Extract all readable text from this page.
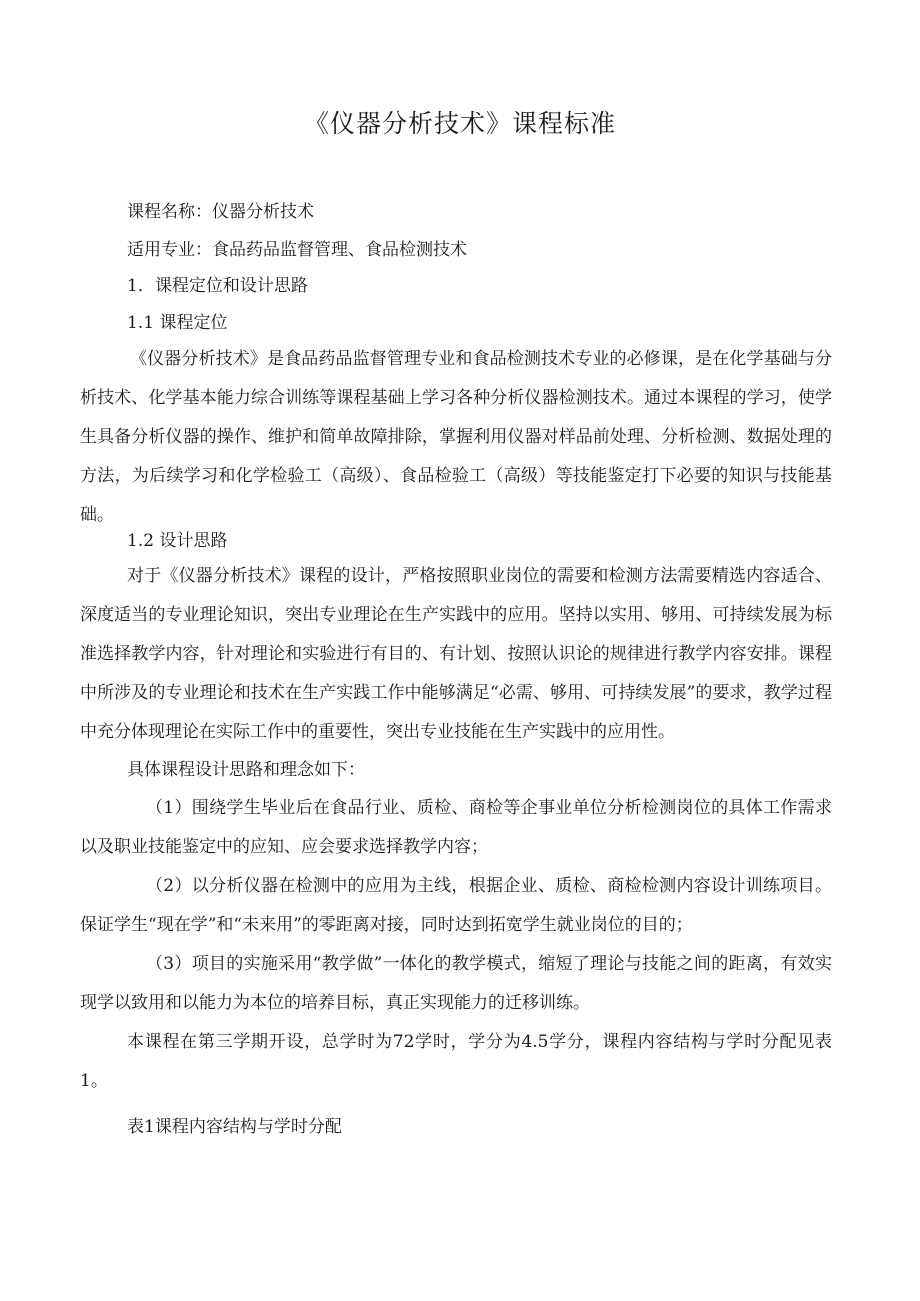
《仪器分析技术》课程标准

课程名称：仪器分析技术

适用专业：食品药品监督管理、食品检测技术

1．课程定位和设计思路

1.1 课程定位

《仪器分析技术》是食品药品监督管理专业和食品检测技术专业的必修课，是在化学基础与分析技术、化学基本能力综合训练等课程基础上学习各种分析仪器检测技术。通过本课程的学习，使学生具备分析仪器的操作、维护和简单故障排除，掌握利用仪器对样品前处理、分析检测、数据处理的方法，为后续学习和化学检验工（高级）、食品检验工（高级）等技能鉴定打下必要的知识与技能基础。

1.2 设计思路

对于《仪器分析技术》课程的设计，严格按照职业岗位的需要和检测方法需要精选内容适合、深度适当的专业理论知识，突出专业理论在生产实践中的应用。坚持以实用、够用、可持续发展为标准选择教学内容，针对理论和实验进行有目的、有计划、按照认识论的规律进行教学内容安排。课程中所涉及的专业理论和技术在生产实践工作中能够满足“必需、够用、可持续发展”的要求，教学过程中充分体现理论在实际工作中的重要性，突出专业技能在生产实践中的应用性。

具体课程设计思路和理念如下：

（1）围绕学生毕业后在食品行业、质检、商检等企事业单位分析检测岗位的具体工作需求以及职业技能鉴定中的应知、应会要求选择教学内容；

（2）以分析仪器在检测中的应用为主线，根据企业、质检、商检检测内容设计训练项目。保证学生“现在学”和“未来用”的零距离对接，同时达到拓宽学生就业岗位的目的；

（3）项目的实施采用“教学做”一体化的教学模式，缩短了理论与技能之间的距离，有效实现学以致用和以能力为本位的培养目标，真正实现能力的迁移训练。

本课程在第三学期开设，总学时为72学时，学分为4.5学分，课程内容结构与学时分配见表1。

表1课程内容结构与学时分配
